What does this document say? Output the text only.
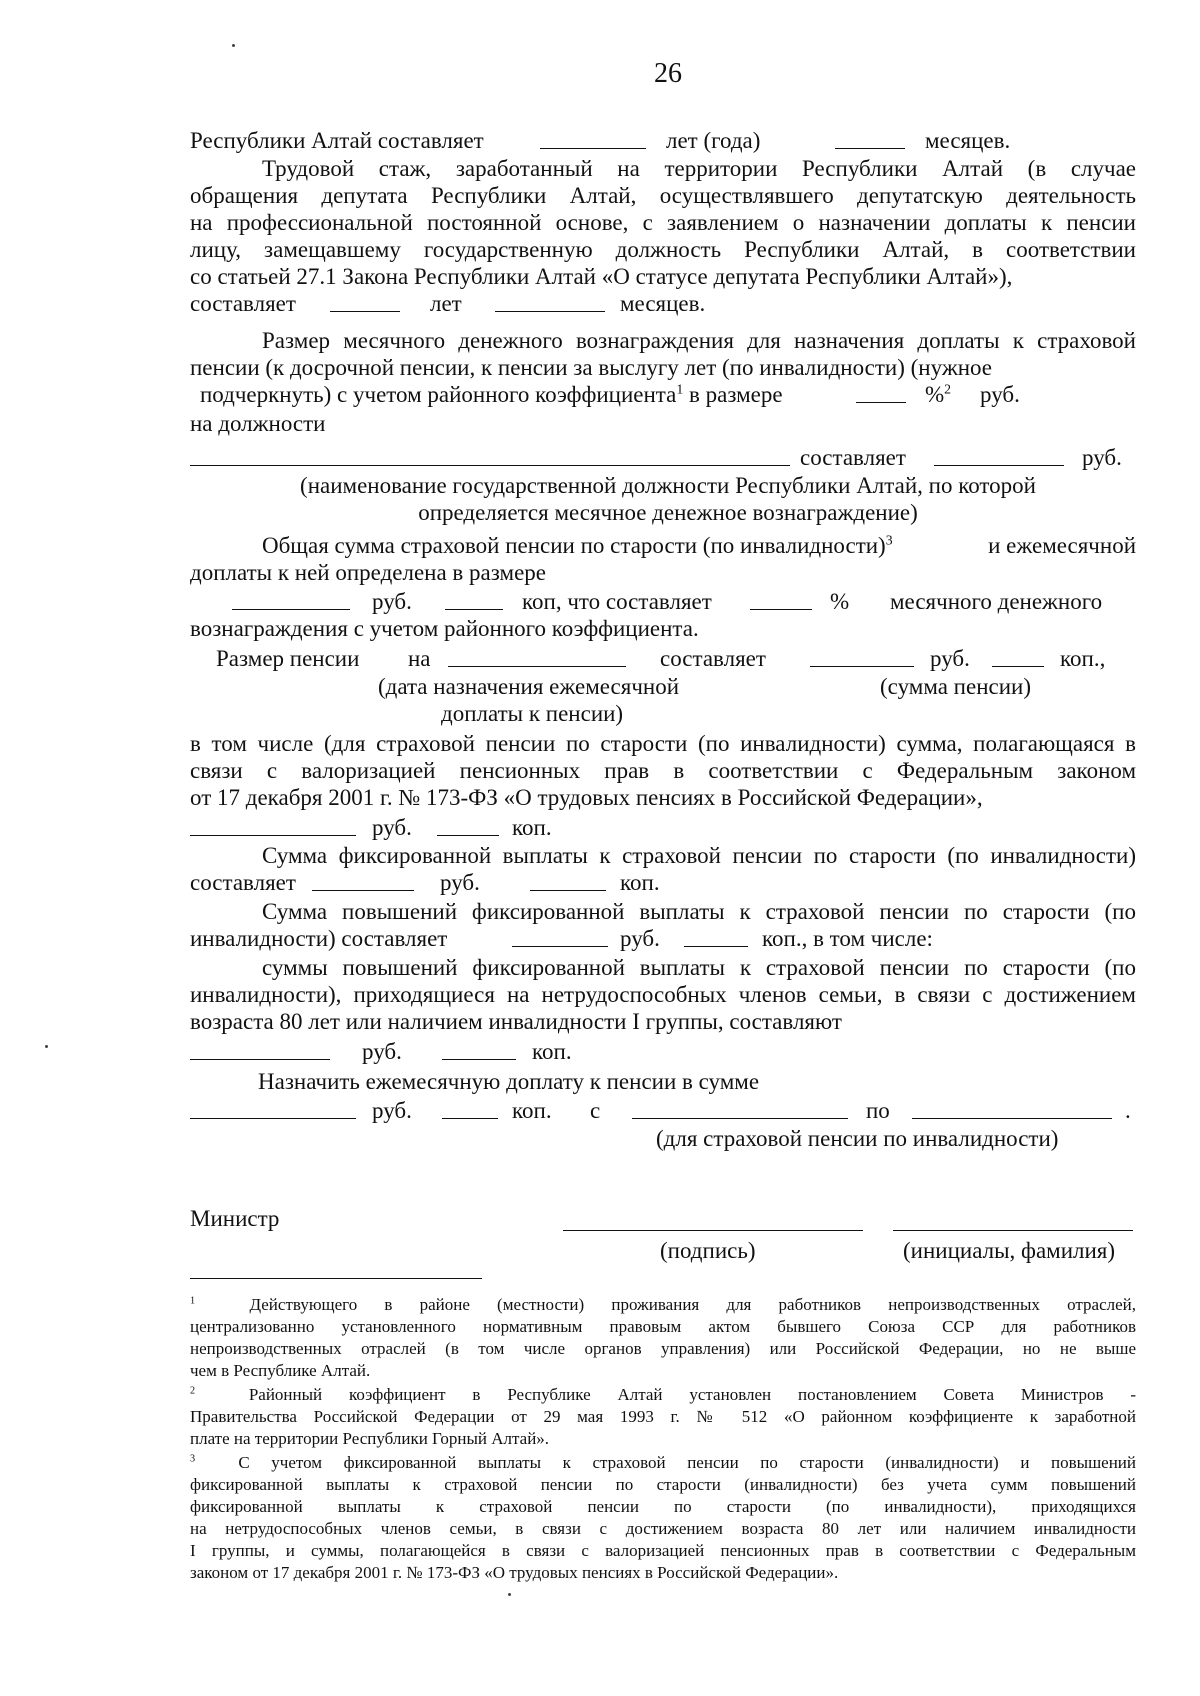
26
Республики Алтай составляет	лет (года)	месяцев.
Трудовой стаж, заработанный на территории Республики Алтай (в случае
обращения депутата Республики Алтай, осуществлявшего депутатскую деятельность
на профессиональной постоянной основе, с заявлением о назначении доплаты к пенсии
лицу, замещавшему государственную должность Республики Алтай, в соответствии
со статьей 27.1 Закона Республики Алтай «О статусе депутата Республики Алтай»),
составляет	лет	месяцев.
Размер месячного денежного вознаграждения для назначения доплаты к страховой
пенсии (к досрочной пенсии, к пенсии за выслугу лет (по инвалидности) (нужное
подчеркнуть) с учетом районного коэффициента$^1$ в размере	%$^2$ руб.
на должности
составляет	руб.
(наименование государственной должности Республики Алтай, по которой
определяется месячное денежное вознаграждение)
Общая сумма страховой пенсии по старости (по инвалидности)$^3$	и ежемесячной
доплаты к ней определена в размере
руб.	коп, что составляет	% месячного денежного
вознаграждения с учетом районного коэффициента.
Размер пенсии на	составляет	руб.	коп.,
(дата назначения ежемесячной
доплаты к пенсии)
(сумма пенсии)
в том числе (для страховой пенсии по старости (по инвалидности) сумма, полагающаяся в
связи с валоризацией пенсионных прав в соответствии с Федеральным законом
от 17 декабря 2001 г. № 173-ФЗ «О трудовых пенсиях в Российской Федерации»,
руб.	коп.
Сумма фиксированной выплаты к страховой пенсии по старости (по инвалидности)
составляет	руб.	коп.
Сумма повышений фиксированной выплаты к страховой пенсии по старости (по
инвалидности) составляет	руб.	коп., в том числе:
суммы повышений фиксированной выплаты к страховой пенсии по старости (по
инвалидности), приходящиеся на нетрудоспособных членов семьи, в связи с достижением
возраста 80 лет или наличием инвалидности I группы, составляют
руб.	коп.
Назначить ежемесячную доплату к пенсии в сумме
руб.	коп. с	по	.
(для страховой пенсии по инвалидности)
Министр
(подпись)	(инициалы, фамилия)
$^1$	Действующего в районе (местности) проживания для работников непроизводственных отраслей,
централизованно установленного нормативным правовым актом бывшего Союза ССР для работников
непроизводственных отраслей (в том числе органов управления) или Российской Федерации, но не выше
чем в Республике Алтай.
$^2$	Районный коэффициент в Республике Алтай установлен постановлением Совета Министров -
Правительства Российской Федерации от 29 мая 1993 г. № 512 «О районном коэффициенте к заработной
плате на территории Республики Горный Алтай».
$^3$	С учетом фиксированной выплаты к страховой пенсии по старости (инвалидности) и повышений
фиксированной выплаты к страховой пенсии по старости (инвалидности) без учета сумм повышений
фиксированной выплаты к страховой пенсии по старости (по инвалидности), приходящихся
на нетрудоспособных членов семьи, в связи с достижением возраста 80 лет или наличием инвалидности
I группы, и суммы, полагающейся в связи с валоризацией пенсионных прав в соответствии с Федеральным
законом от 17 декабря 2001 г. № 173-ФЗ «О трудовых пенсиях в Российской Федерации».
